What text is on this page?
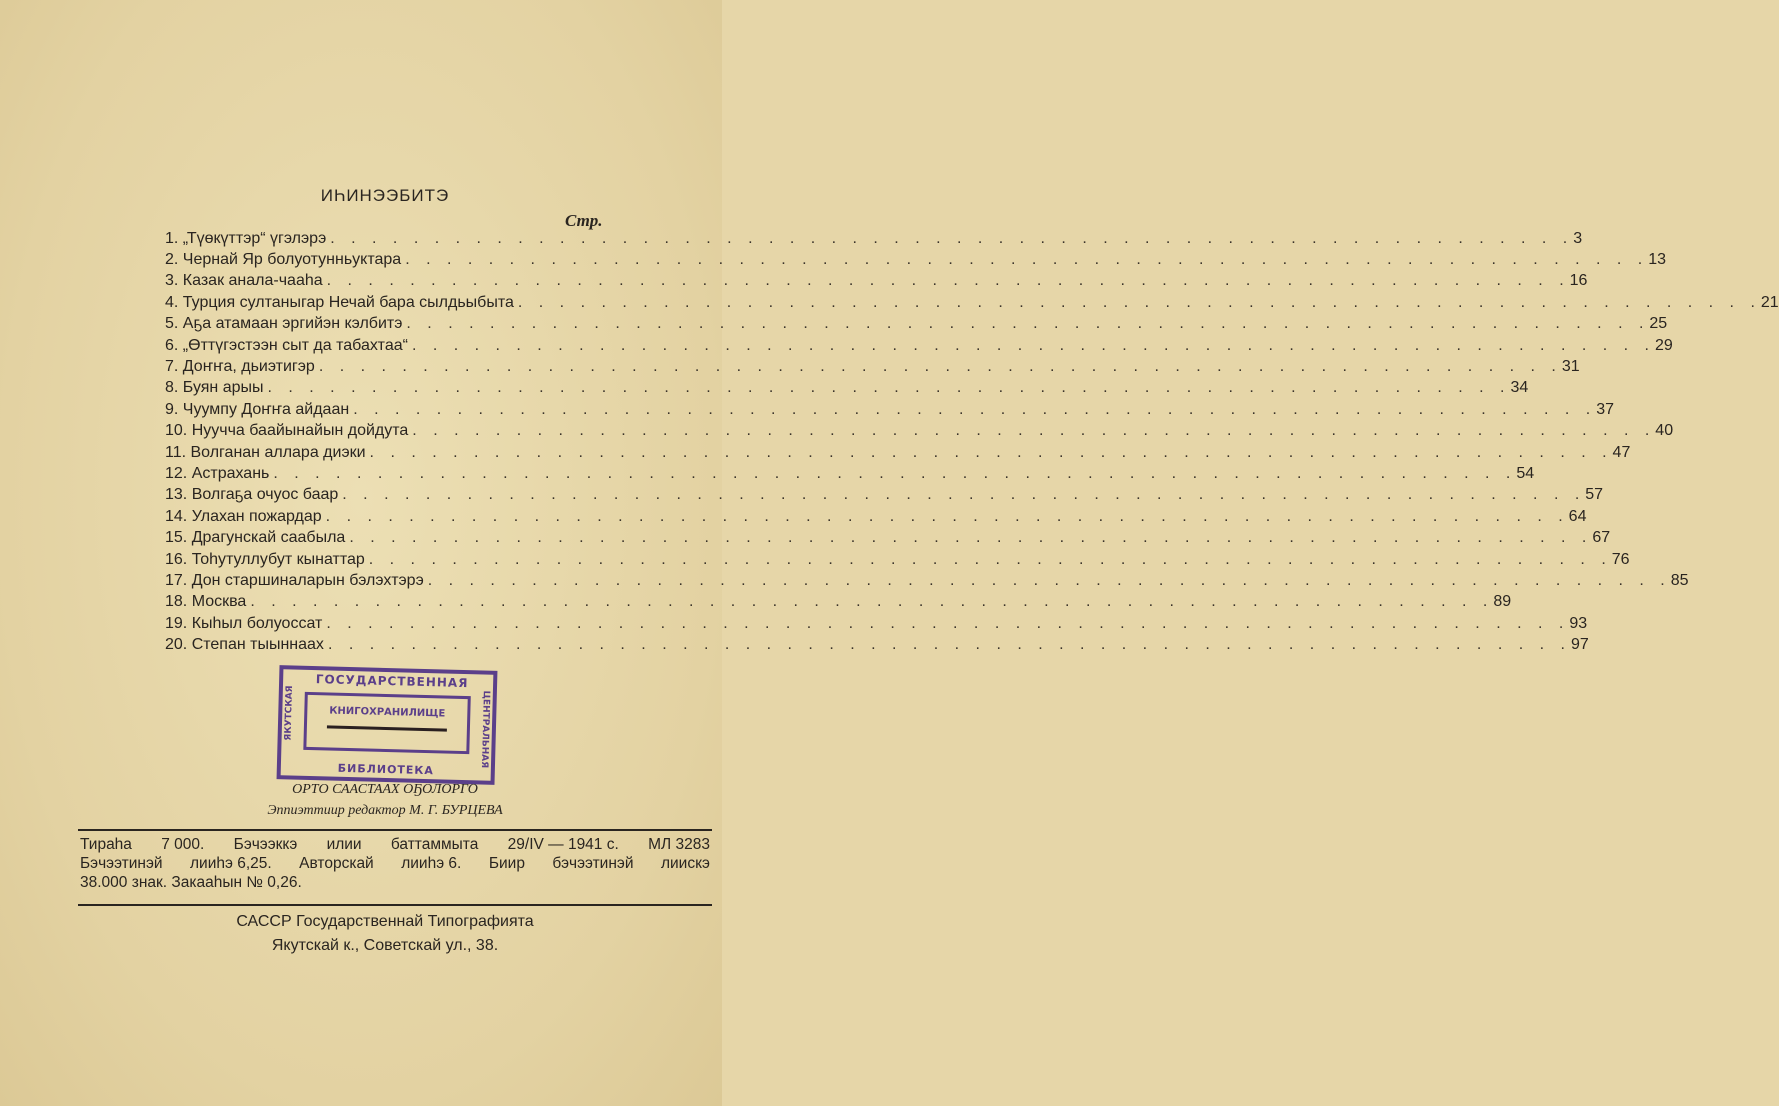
ИҺИНЭЭБИТЭ
Стр.
1. „Түөкүттэр“ үгэлэрэ . . . . . . . . . . . . . . . . . . . . . . . . . . . . . . . . . . . . . . . . . . . . . . . . . . . . . . . . . . . . 3
2. Чернай Яр болуотунньуктара . . . . . . . . . . . . . . . . . . . . . . . . . . . . . . . . . . . . . . . . . . . . . . . . . . . . . . . . . . . . 13
3. Казак анала-чааһа . . . . . . . . . . . . . . . . . . . . . . . . . . . . . . . . . . . . . . . . . . . . . . . . . . . . . . . . . . . . 16
4. Турция султаныгар Нечай бара сылдьыбыта . . . . . . . . . . . . . . . . . . . . . . . . . . . . . . . . . . . . . . . . . . . . . . . . . . . . . . . . . . . . 21
5. Аҕа атамаан эргийэн кэлбитэ . . . . . . . . . . . . . . . . . . . . . . . . . . . . . . . . . . . . . . . . . . . . . . . . . . . . . . . . . . . . 25
6. „Өттүгэстээн сыт да табахтаа“ . . . . . . . . . . . . . . . . . . . . . . . . . . . . . . . . . . . . . . . . . . . . . . . . . . . . . . . . . . . . 29
7. Доҥҥа, дьиэтигэр . . . . . . . . . . . . . . . . . . . . . . . . . . . . . . . . . . . . . . . . . . . . . . . . . . . . . . . . . . . . 31
8. Буян арыы . . . . . . . . . . . . . . . . . . . . . . . . . . . . . . . . . . . . . . . . . . . . . . . . . . . . . . . . . . . . 34
9. Чуумпу Доҥҥа айдаан . . . . . . . . . . . . . . . . . . . . . . . . . . . . . . . . . . . . . . . . . . . . . . . . . . . . . . . . . . . . 37
10. Нуучча баайынайын дойдута . . . . . . . . . . . . . . . . . . . . . . . . . . . . . . . . . . . . . . . . . . . . . . . . . . . . . . . . . . . . 40
11. Волганан аллара диэки . . . . . . . . . . . . . . . . . . . . . . . . . . . . . . . . . . . . . . . . . . . . . . . . . . . . . . . . . . . . 47
12. Астрахань . . . . . . . . . . . . . . . . . . . . . . . . . . . . . . . . . . . . . . . . . . . . . . . . . . . . . . . . . . . . 54
13. Волгаҕа очуос баар . . . . . . . . . . . . . . . . . . . . . . . . . . . . . . . . . . . . . . . . . . . . . . . . . . . . . . . . . . . . 57
14. Улахан пожардар . . . . . . . . . . . . . . . . . . . . . . . . . . . . . . . . . . . . . . . . . . . . . . . . . . . . . . . . . . . . 64
15. Драгунскай саабыла . . . . . . . . . . . . . . . . . . . . . . . . . . . . . . . . . . . . . . . . . . . . . . . . . . . . . . . . . . . . 67
16. Тоһутуллубут кынаттар . . . . . . . . . . . . . . . . . . . . . . . . . . . . . . . . . . . . . . . . . . . . . . . . . . . . . . . . . . . . 76
17. Дон старшиналарын бэлэхтэрэ . . . . . . . . . . . . . . . . . . . . . . . . . . . . . . . . . . . . . . . . . . . . . . . . . . . . . . . . . . . . 85
18. Москва . . . . . . . . . . . . . . . . . . . . . . . . . . . . . . . . . . . . . . . . . . . . . . . . . . . . . . . . . . . . 89
19. Кыһыл болуоссат . . . . . . . . . . . . . . . . . . . . . . . . . . . . . . . . . . . . . . . . . . . . . . . . . . . . . . . . . . . . 93
20. Степан тыыннаах . . . . . . . . . . . . . . . . . . . . . . . . . . . . . . . . . . . . . . . . . . . . . . . . . . . . . . . . . . . . 97
ГОСУДАРСТВЕННАЯ
ЯКУТСКАЯ	ЦЕНТРАЛЬНАЯ
КНИГОХРАНИЛИЩЕ
БИБЛИОТЕКА
ОРТО СААСТААХ ОҔОЛОРГО
Эппиэттиир редактор М. Г. БУРЦЕВА
Тираһа 7 000. Бэчээккэ илии баттаммыта 29/IV — 1941 с. МЛ 3283
Бэчээтинэй лииһэ 6,25. Авторскай лииһэ 6. Биир бэчээтинэй лиискэ
38.000 знак. Закааһын № 0,26.
САССР Государственнай Типографията
Якутскай к., Советскай ул., 38.
